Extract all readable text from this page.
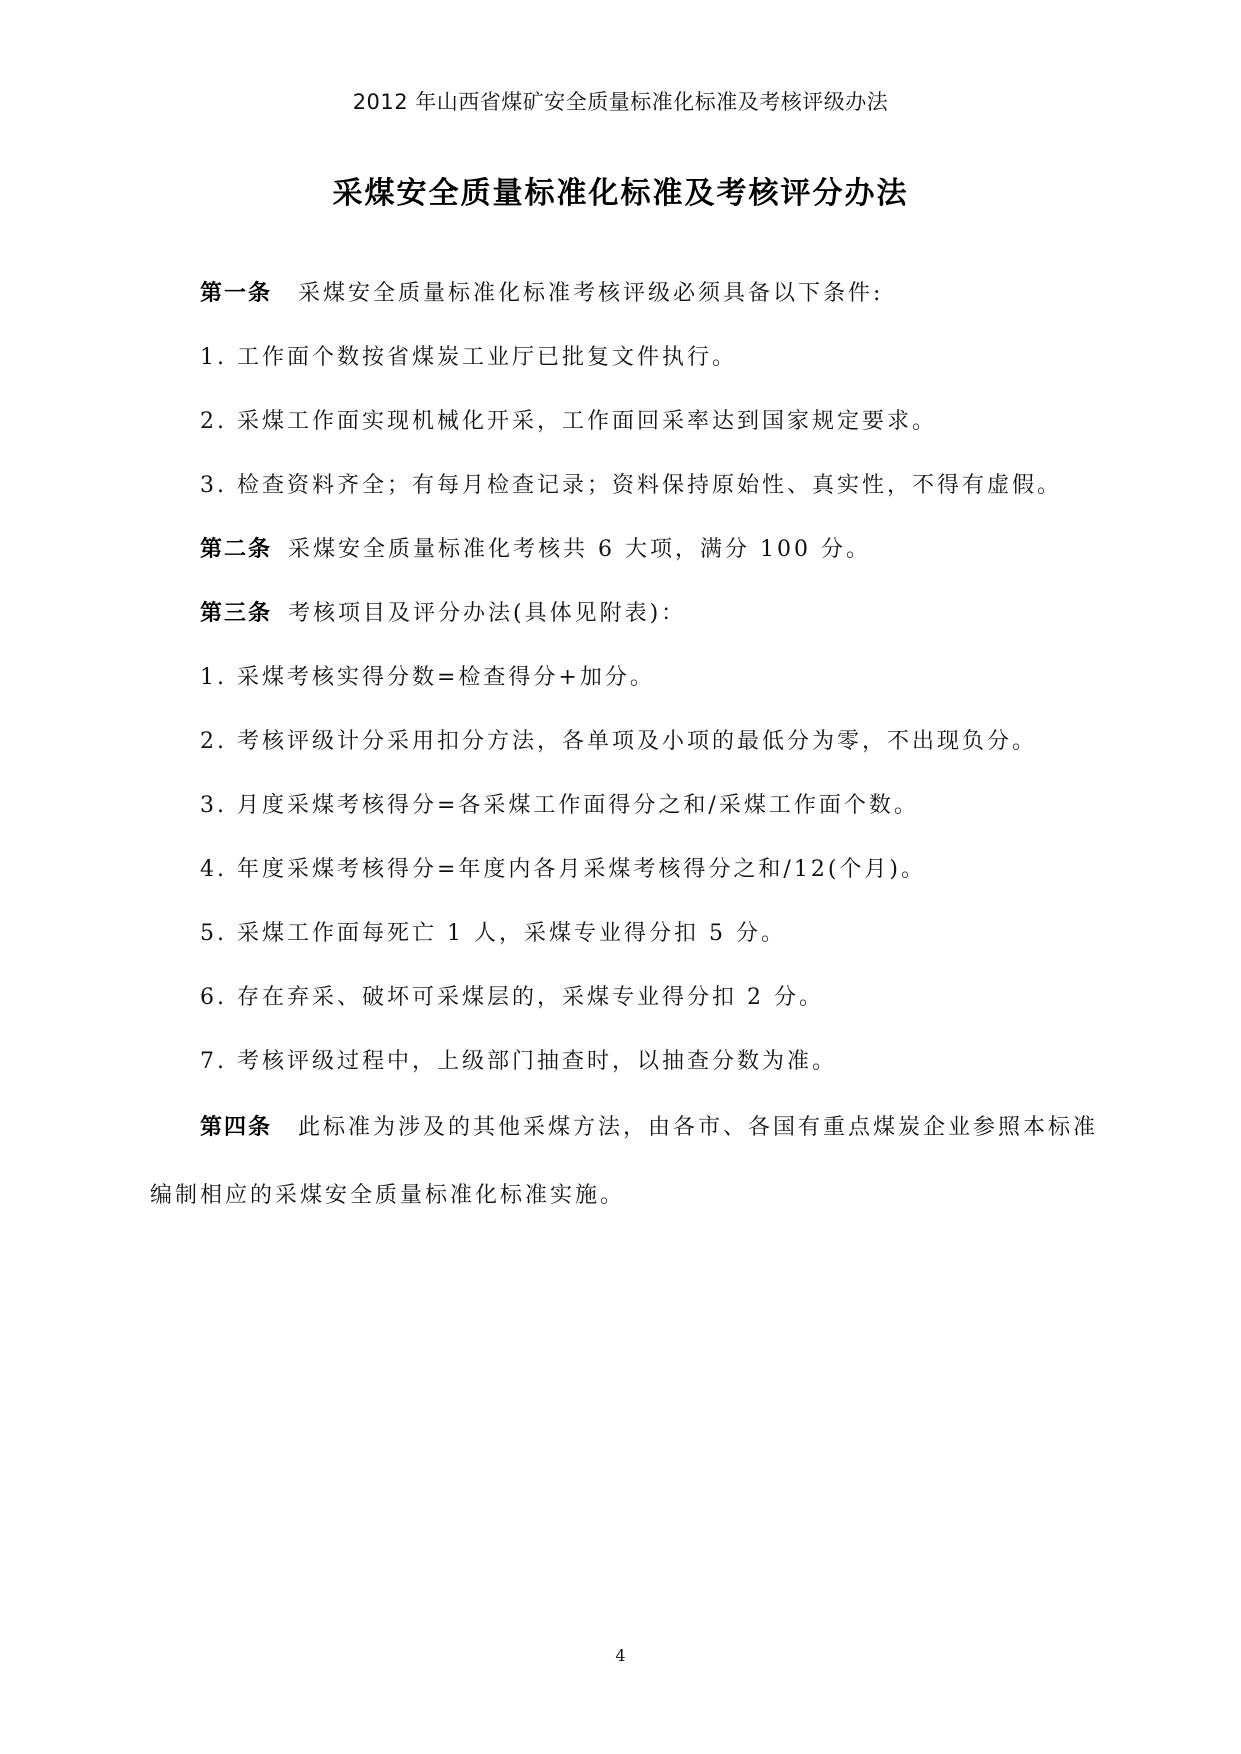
2012 年山西省煤矿安全质量标准化标准及考核评级办法
采煤安全质量标准化标准及考核评分办法
第一条 采煤安全质量标准化标准考核评级必须具备以下条件:
1. 工作面个数按省煤炭工业厅已批复文件执行。
2. 采煤工作面实现机械化开采，工作面回采率达到国家规定要求。
3. 检查资料齐全；有每月检查记录；资料保持原始性、真实性，不得有虚假。
第二条 采煤安全质量标准化考核共 6 大项，满分 100 分。
第三条 考核项目及评分办法(具体见附表)：
1. 采煤考核实得分数=检查得分+加分。
2. 考核评级计分采用扣分方法，各单项及小项的最低分为零，不出现负分。
3. 月度采煤考核得分=各采煤工作面得分之和/采煤工作面个数。
4. 年度采煤考核得分=年度内各月采煤考核得分之和/12(个月)。
5. 采煤工作面每死亡 1 人，采煤专业得分扣 5 分。
6. 存在弃采、破坏可采煤层的，采煤专业得分扣 2 分。
7. 考核评级过程中，上级部门抽查时，以抽查分数为准。
第四条 此标准为涉及的其他采煤方法，由各市、各国有重点煤炭企业参照本标准
编制相应的采煤安全质量标准化标准实施。
4
